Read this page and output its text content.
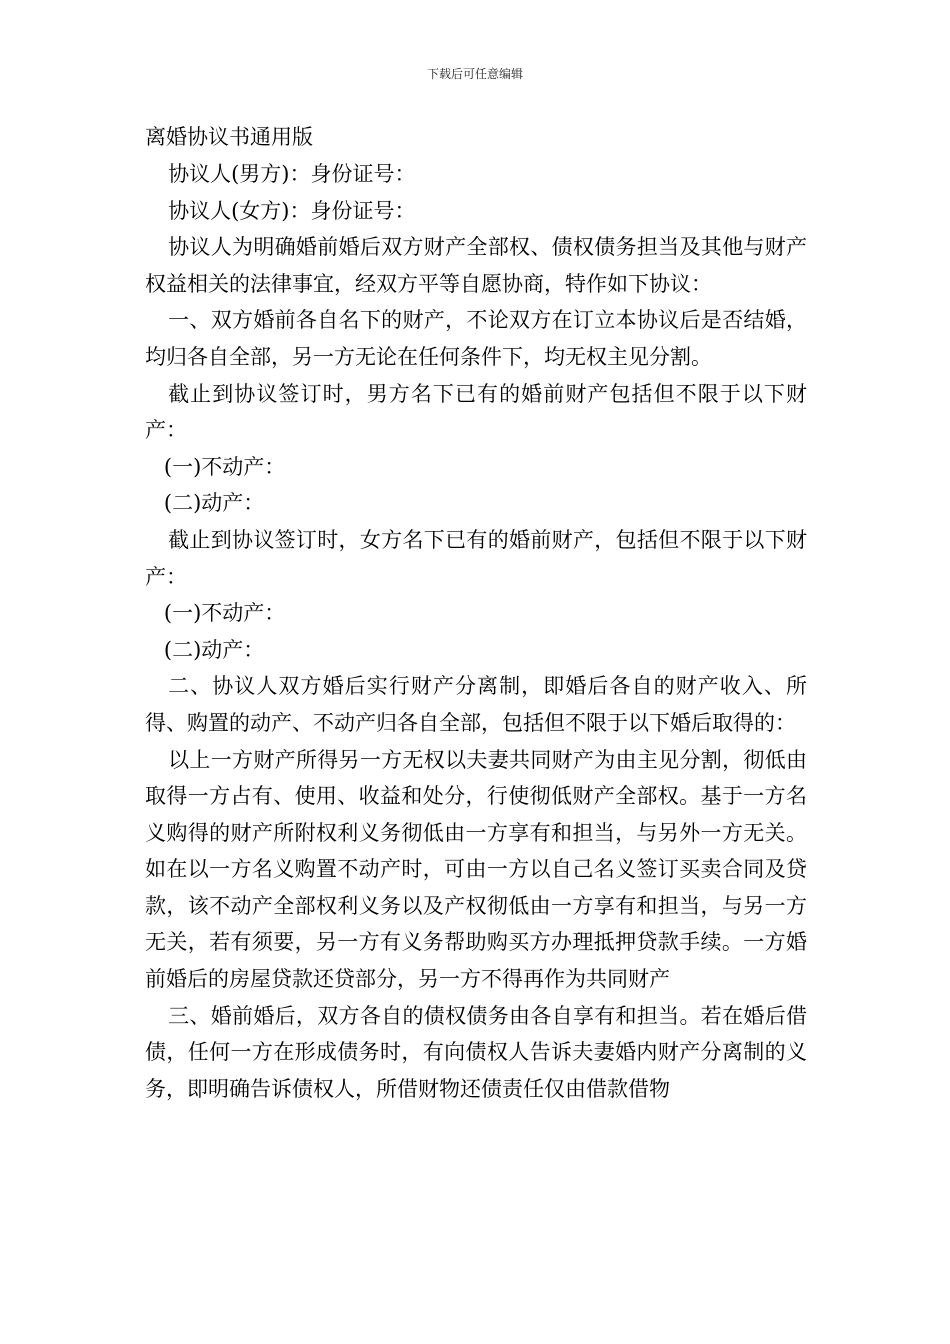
下载后可任意编辑
离婚协议书通用版

协议人(男方)：身份证号：

协议人(女方)：身份证号：

协议人为明确婚前婚后双方财产全部权、债权债务担当及其他与财产权益相关的法律事宜，经双方平等自愿协商，特作如下协议：

一、双方婚前各自名下的财产，不论双方在订立本协议后是否结婚，均归各自全部，另一方无论在任何条件下，均无权主见分割。

截止到协议签订时，男方名下已有的婚前财产包括但不限于以下财产：

(一)不动产：

(二)动产：

截止到协议签订时，女方名下已有的婚前财产，包括但不限于以下财产：

(一)不动产：

(二)动产：

二、协议人双方婚后实行财产分离制，即婚后各自的财产收入、所得、购置的动产、不动产归各自全部，包括但不限于以下婚后取得的：

以上一方财产所得另一方无权以夫妻共同财产为由主见分割，彻低由取得一方占有、使用、收益和处分，行使彻低财产全部权。基于一方名义购得的财产所附权利义务彻低由一方享有和担当，与另外一方无关。如在以一方名义购置不动产时，可由一方以自己名义签订买卖合同及贷款，该不动产全部权利义务以及产权彻低由一方享有和担当，与另一方无关，若有须要，另一方有义务帮助购买方办理抵押贷款手续。一方婚前婚后的房屋贷款还贷部分，另一方不得再作为共同财产

三、婚前婚后，双方各自的债权债务由各自享有和担当。若在婚后借债，任何一方在形成债务时，有向债权人告诉夫妻婚内财产分离制的义务，即明确告诉债权人，所借财物还债责任仅由借款借物
